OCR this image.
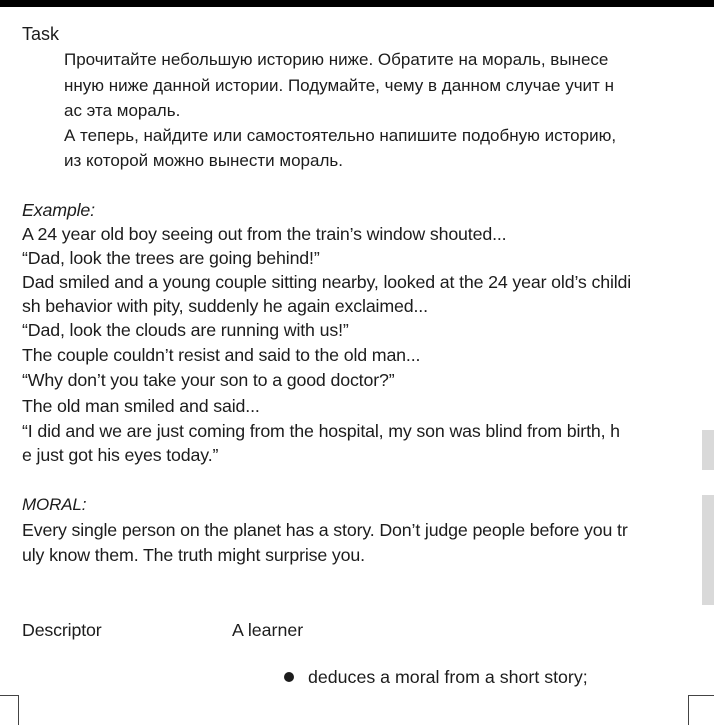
Task
Прочитайте небольшую историю ниже. Обратите на мораль, вынесе
нную ниже данной истории. Подумайте, чему в данном случае учит н
ас эта мораль.
А теперь, найдите или самостоятельно напишите подобную историю,
из которой можно вынести мораль.
Example:
A 24 year old boy seeing out from the train’s window shouted...
“Dad, look the trees are going behind!”
Dad smiled and a young couple sitting nearby, looked at the 24 year old’s childi
sh behavior with pity, suddenly he again exclaimed...
“Dad, look the clouds are running with us!”
The couple couldn’t resist and said to the old man...
“Why don’t you take your son to a good doctor?”
The old man smiled and said...
“I did and we are just coming from the hospital, my son was blind from birth, h
e just got his eyes today.”
MORAL:
Every single person on the planet has a story. Don’t judge people before you tr
uly know them. The truth might surprise you.
Descriptor	A learner
deduces a moral from a short story;
